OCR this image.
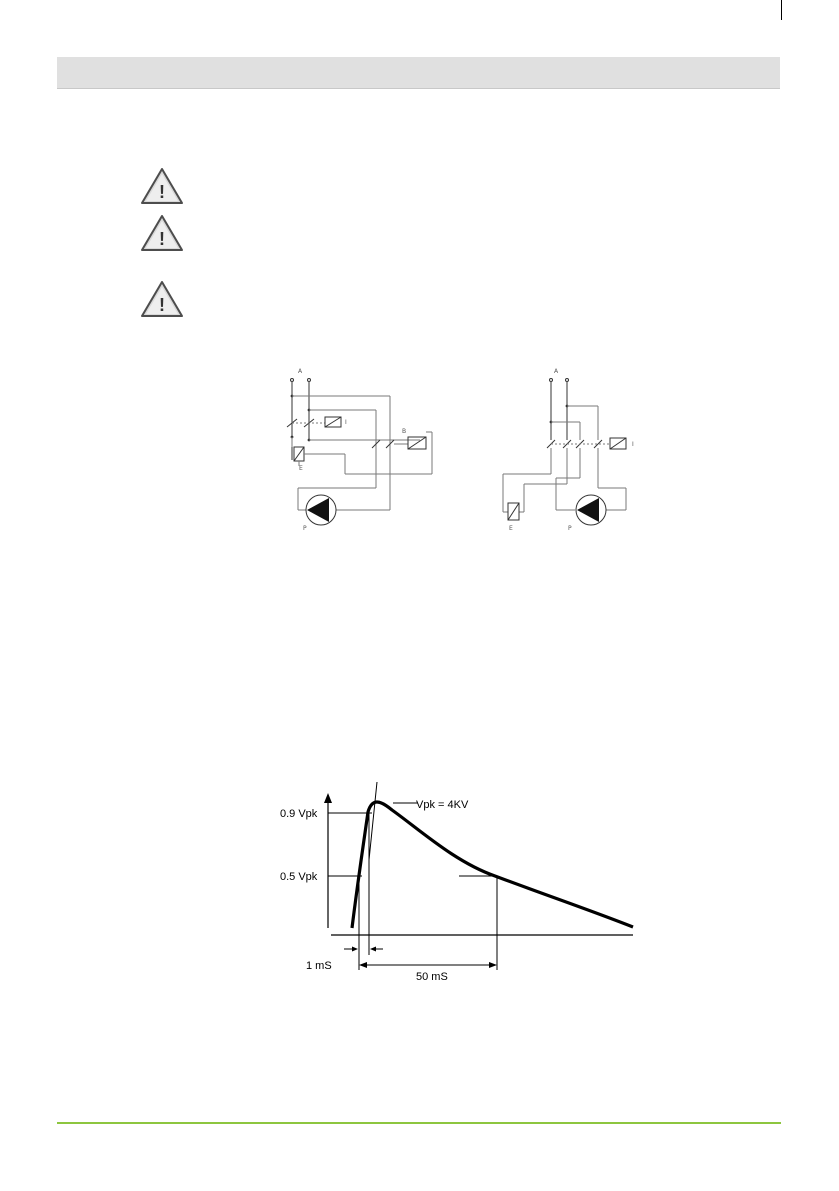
!
!
!
A
I
E
B
P
A
I
E	P
0.9 Vpk
0.5 Vpk
Vpk = 4KV
1 mS
50 mS
